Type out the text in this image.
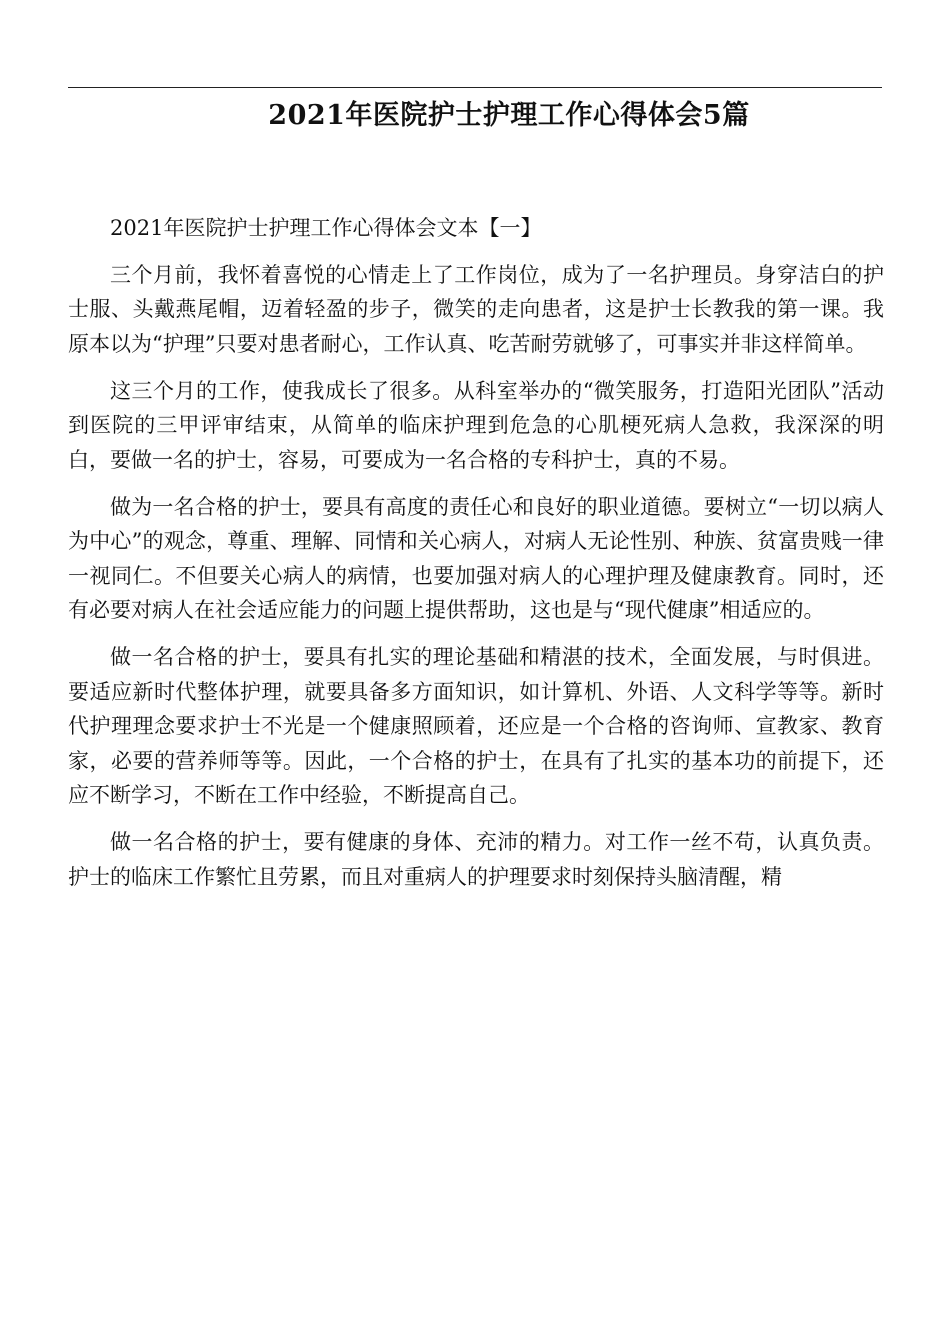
2021年医院护士护理工作心得体会5篇

2021年医院护士护理工作心得体会文本【一】

三个月前，我怀着喜悦的心情走上了工作岗位，成为了一名护理员。身穿洁白的护士服、头戴燕尾帽，迈着轻盈的步子，微笑的走向患者，这是护士长教我的第一课。我原本以为“护理”只要对患者耐心，工作认真、吃苦耐劳就够了，可事实并非这样简单。

这三个月的工作，使我成长了很多。从科室举办的“微笑服务，打造阳光团队”活动到医院的三甲评审结束，从简单的临床护理到危急的心肌梗死病人急救，我深深的明白，要做一名的护士，容易，可要成为一名合格的专科护士，真的不易。

做为一名合格的护士，要具有高度的责任心和良好的职业道德。要树立“一切以病人为中心”的观念，尊重、理解、同情和关心病人，对病人无论性别、种族、贫富贵贱一律一视同仁。不但要关心病人的病情，也要加强对病人的心理护理及健康教育。同时，还有必要对病人在社会适应能力的问题上提供帮助，这也是与“现代健康”相适应的。

做一名合格的护士，要具有扎实的理论基础和精湛的技术，全面发展，与时俱进。要适应新时代整体护理，就要具备多方面知识，如计算机、外语、人文科学等等。新时代护理理念要求护士不光是一个健康照顾着，还应是一个合格的咨询师、宣教家、教育家，必要的营养师等等。因此，一个合格的护士，在具有了扎实的基本功的前提下，还应不断学习，不断在工作中经验，不断提高自己。

做一名合格的护士，要有健康的身体、充沛的精力。对工作一丝不苟，认真负责。护士的临床工作繁忙且劳累，而且对重病人的护理要求时刻保持头脑清醒，精
